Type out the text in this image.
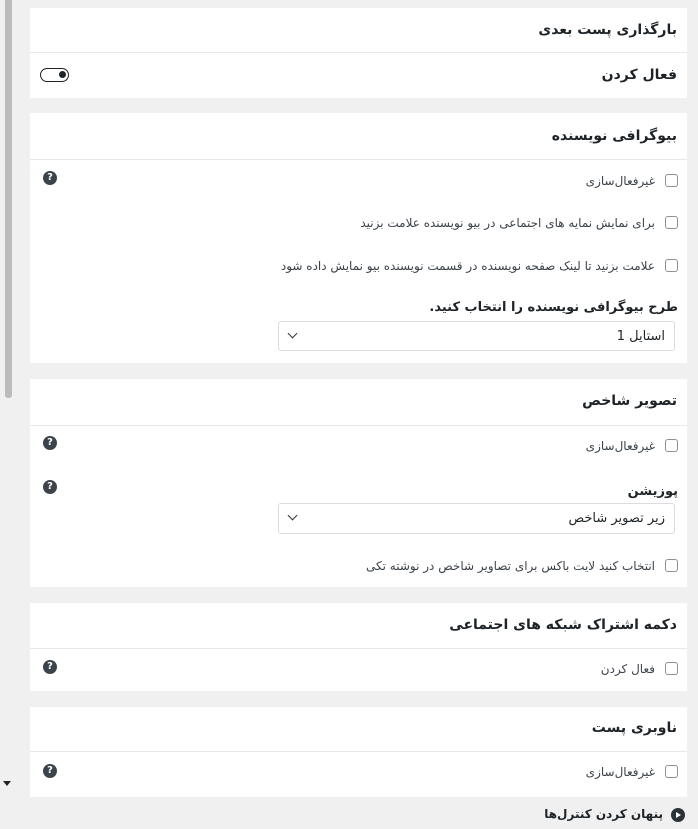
بارگذاری پست بعدی
فعال کردن
بیوگرافی نویسنده
غیرفعال‌سازی
?
برای نمایش نمایه های اجتماعی در بیو نویسنده علامت بزنید
علامت بزنید تا لینک صفحه نویسنده در قسمت نویسنده بیو نمایش داده شود
طرح بیوگرافی نویسنده را انتخاب کنید.
استایل 1
تصویر شاخص
غیرفعال‌سازی
?
پوزیشن
?
زیر تصویر شاخص
انتخاب کنید لایت باکس برای تصاویر شاخص در نوشته تکی
دکمه اشتراک شبکه های اجتماعی
فعال کردن
?
ناوبری پست
غیرفعال‌سازی
?
پنهان کردن کنترل‌ها
